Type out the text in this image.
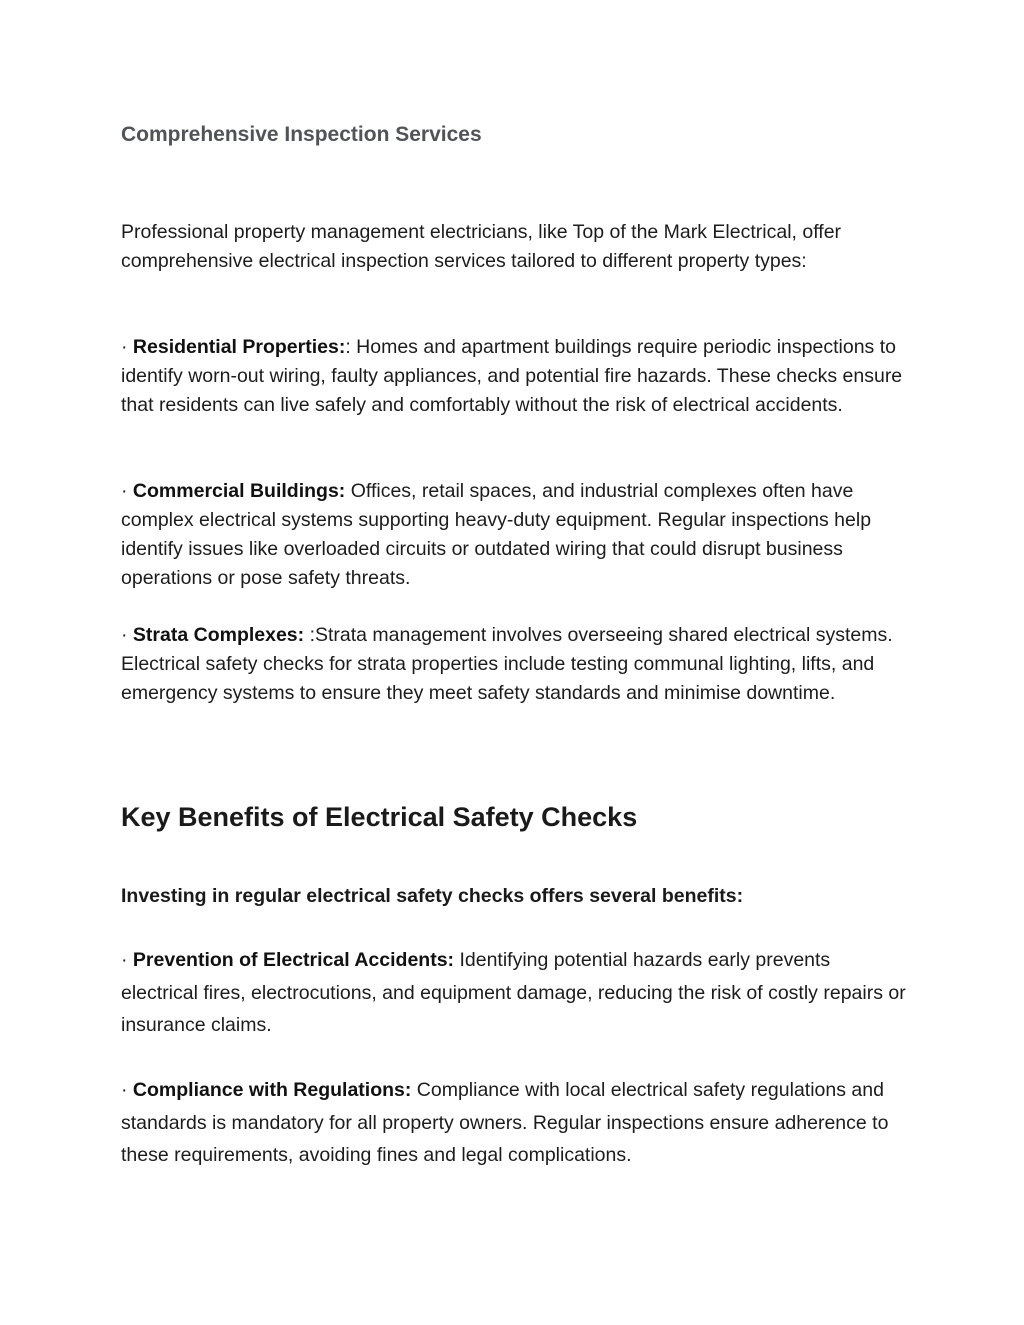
Comprehensive Inspection Services

Professional property management electricians, like Top of the Mark Electrical, offer comprehensive electrical inspection services tailored to different property types:

· Residential Properties:: Homes and apartment buildings require periodic inspections to identify worn-out wiring, faulty appliances, and potential fire hazards. These checks ensure that residents can live safely and comfortably without the risk of electrical accidents.

· Commercial Buildings: Offices, retail spaces, and industrial complexes often have complex electrical systems supporting heavy-duty equipment. Regular inspections help identify issues like overloaded circuits or outdated wiring that could disrupt business operations or pose safety threats.

· Strata Complexes: :Strata management involves overseeing shared electrical systems. Electrical safety checks for strata properties include testing communal lighting, lifts, and emergency systems to ensure they meet safety standards and minimise downtime.

Key Benefits of Electrical Safety Checks

Investing in regular electrical safety checks offers several benefits:

· Prevention of Electrical Accidents: Identifying potential hazards early prevents electrical fires, electrocutions, and equipment damage, reducing the risk of costly repairs or insurance claims.

· Compliance with Regulations: Compliance with local electrical safety regulations and standards is mandatory for all property owners. Regular inspections ensure adherence to these requirements, avoiding fines and legal complications.
